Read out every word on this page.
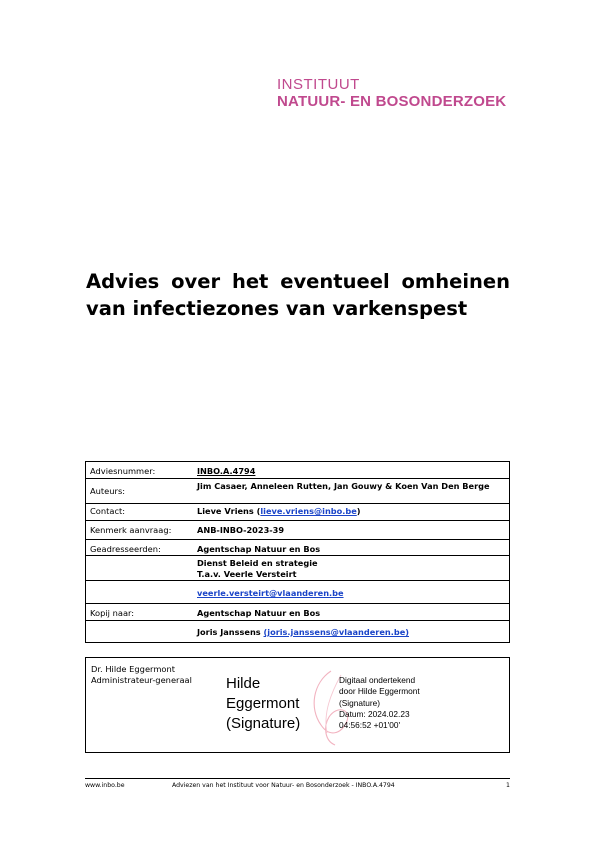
INSTITUUT
NATUUR- EN BOSONDERZOEK
Advies over het eventueel omheinen van infectiezones van varkenspest
Adviesnummer:	INBO.A.4794
Auteurs:	Jim Casaer, Anneleen Rutten, Jan Gouwy & Koen Van Den Berge
Contact:	Lieve Vriens (lieve.vriens@inbo.be)
Kenmerk aanvraag:	ANB-INBO-2023-39
Geadresseerden:	Agentschap Natuur en Bos
Dienst Beleid en strategie
T.a.v. Veerle Versteirt
veerle.versteirt@vlaanderen.be
Kopij naar:	Agentschap Natuur en Bos
Joris Janssens (joris.janssens@vlaanderen.be)
Dr. Hilde Eggermont
Administrateur-generaal Hilde
Eggermont
(Signature)
Digitaal ondertekend
door Hilde Eggermont
(Signature)
Datum: 2024.02.23
04:56:52 +01'00'
www.inbo.be	Adviezen van het Instituut voor Natuur- en Bosonderzoek - INBO.A.4794	1
